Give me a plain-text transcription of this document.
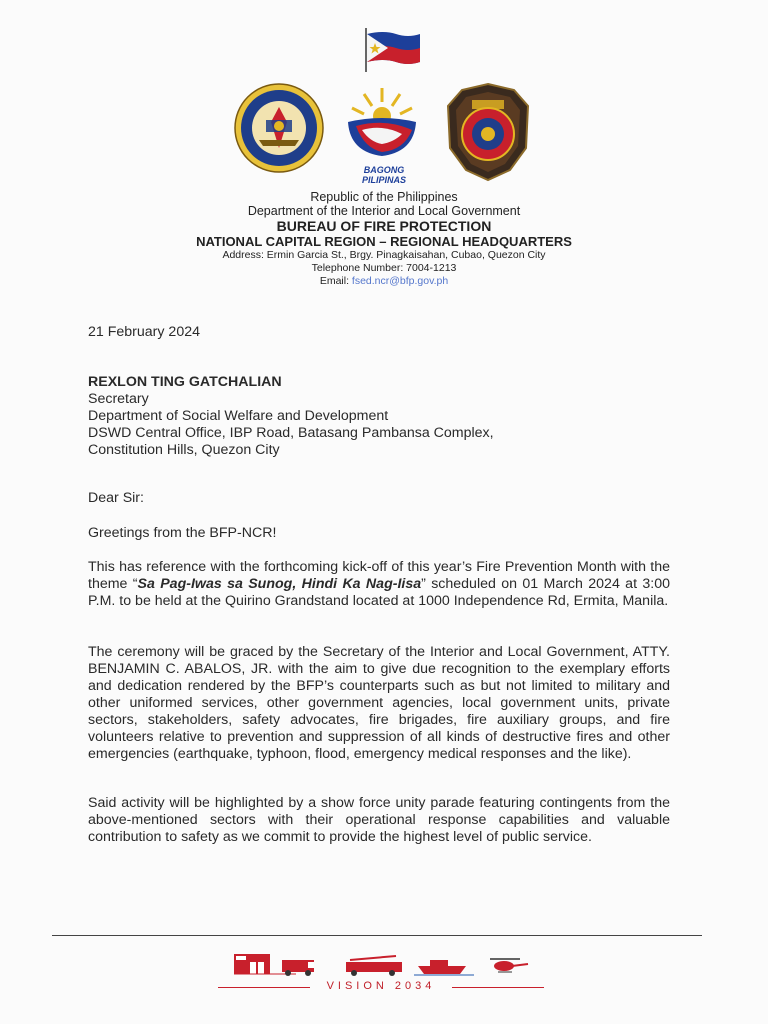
BAGONG PILIPINAS
Republic of the Philippines
Department of the Interior and Local Government
BUREAU OF FIRE PROTECTION
NATIONAL CAPITAL REGION – REGIONAL HEADQUARTERS
Address: Ermin Garcia St., Brgy. Pinagkaisahan, Cubao, Quezon City
Telephone Number: 7004-1213
Email: fsed.ncr@bfp.gov.ph
21 February 2024
REXLON TING GATCHALIAN
Secretary
Department of Social Welfare and Development
DSWD Central Office, IBP Road, Batasang Pambansa Complex,
Constitution Hills, Quezon City
Dear Sir:
Greetings from the BFP-NCR!
This has reference with the forthcoming kick-off of this year’s Fire Prevention Month with the theme “Sa Pag-Iwas sa Sunog, Hindi Ka Nag-Iisa” scheduled on 01 March 2024 at 3:00 P.M. to be held at the Quirino Grandstand located at 1000 Independence Rd, Ermita, Manila.
The ceremony will be graced by the Secretary of the Interior and Local Government, ATTY. BENJAMIN C. ABALOS, JR. with the aim to give due recognition to the exemplary efforts and dedication rendered by the BFP’s counterparts such as but not limited to military and other uniformed services, other government agencies, local government units, private sectors, stakeholders, safety advocates, fire brigades, fire auxiliary groups, and fire volunteers relative to prevention and suppression of all kinds of destructive fires and other emergencies (earthquake, typhoon, flood, emergency medical responses and the like).
Said activity will be highlighted by a show force unity parade featuring contingents from the above-mentioned sectors with their operational response capabilities and valuable contribution to safety as we commit to provide the highest level of public service.
VISION 2034
